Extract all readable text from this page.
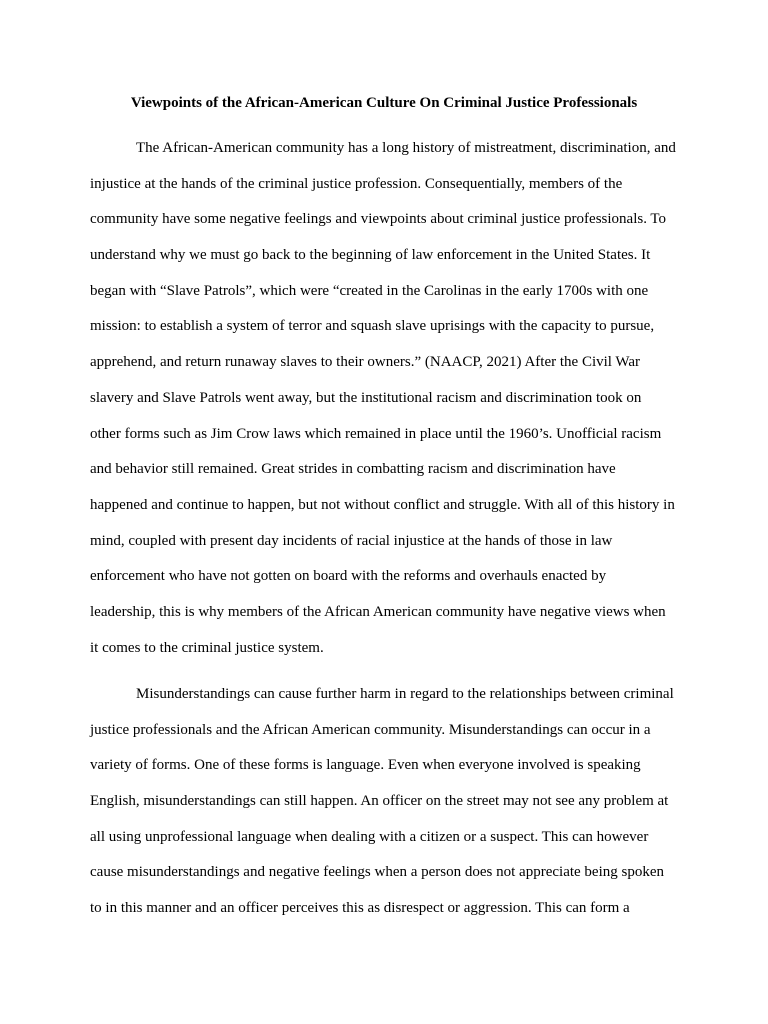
Viewpoints of the African-American Culture On Criminal Justice Professionals

The African-American community has a long history of mistreatment, discrimination, and

injustice at the hands of the criminal justice profession. Consequentially, members of the

community have some negative feelings and viewpoints about criminal justice professionals. To

understand why we must go back to the beginning of law enforcement in the United States. It

began with “Slave Patrols”, which were “created in the Carolinas in the early 1700s with one

mission: to establish a system of terror and squash slave uprisings with the capacity to pursue,

apprehend, and return runaway slaves to their owners.” (NAACP, 2021) After the Civil War

slavery and Slave Patrols went away, but the institutional racism and discrimination took on

other forms such as Jim Crow laws which remained in place until the 1960’s. Unofficial racism

and behavior still remained. Great strides in combatting racism and discrimination have

happened and continue to happen, but not without conflict and struggle. With all of this history in

mind, coupled with present day incidents of racial injustice at the hands of those in law

enforcement who have not gotten on board with the reforms and overhauls enacted by

leadership, this is why members of the African American community have negative views when

it comes to the criminal justice system.

Misunderstandings can cause further harm in regard to the relationships between criminal

justice professionals and the African American community. Misunderstandings can occur in a

variety of forms. One of these forms is language. Even when everyone involved is speaking

English, misunderstandings can still happen. An officer on the street may not see any problem at

all using unprofessional language when dealing with a citizen or a suspect. This can however

cause misunderstandings and negative feelings when a person does not appreciate being spoken

to in this manner and an officer perceives this as disrespect or aggression. This can form a
